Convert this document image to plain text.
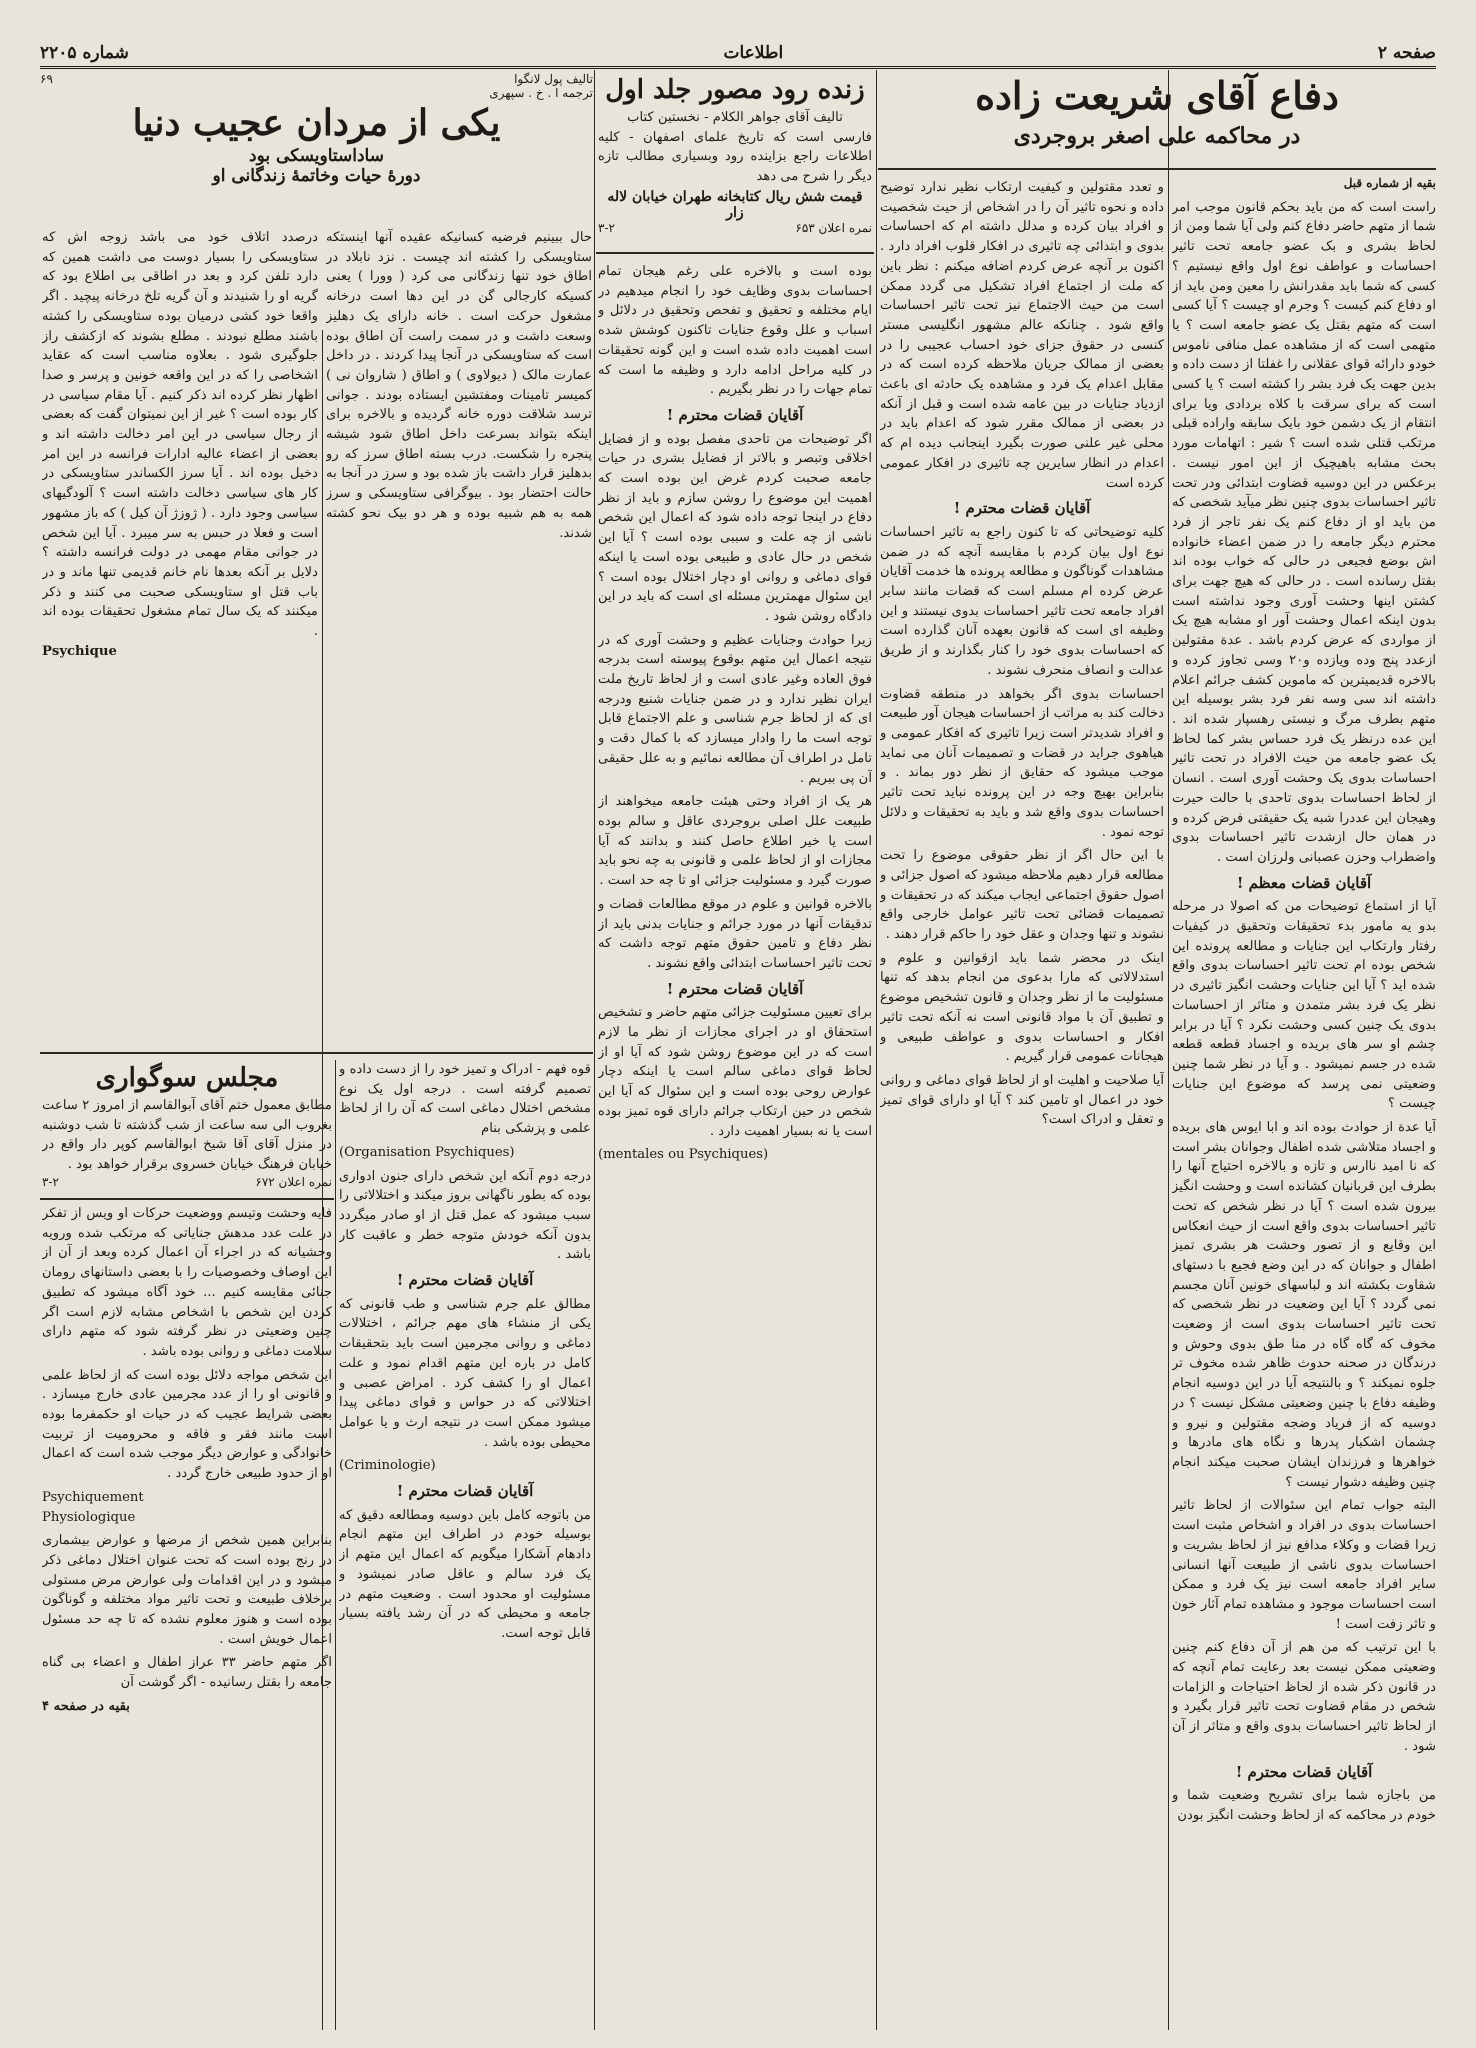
صفحه ۲
اطلاعات
شماره ۲۲۰۵
دفاع آقای شریعت زاده
در محاکمه علی اصغر بروجردی
بقیه از شماره قبل

راست است که من باید بحکم قانون موجب امر شما از متهم حاضر دفاع کنم ولی آیا شما ومن از لحاظ بشری و بک عضو جامعه تحت تاثیر احساسات و عواطف نوع اول واقع نیستیم ؟ کسی که شما باید مقدرانش را معین ومن باید از او دفاع کنم کیست ؟ وجرم او چیست ؟ آیا کسی است که متهم بقتل یک عضو جامعه است ؟ یا متهمی است که از مشاهده عمل منافی ناموس خودو دارائه قوای عقلانی را غفلتا از دست داده و بدین جهت یک فرد بشر را کشته است ؟ یا کسی است که برای سرقت با کلاه بردادی ویا برای انتقام از یک دشمن خود بایک سابقه واراده قبلی مرتکب قتلی شده است ؟ شیر : اتهامات مورد بحث مشابه باهیچیک از این امور نیست . برعکس در این دوسیه قضاوت ابتدائی ودر تحت تاثیر احساسات بدوی چنین نظر میآید شخصی که من باید او از دفاع کنم یک نفر تاجر از فرد محترم دیگر جامعه را در ضمن اعضاء خانواده اش بوضع فجیعی در حالی که خواب بوده اند بقتل رسانده است . در حالی که هیچ جهت برای کشتن اینها وحشت آوری وجود نداشته است بدون اینکه اعمال وحشت آور او مشابه هیچ یک از مواردی که عرض کردم باشد . عدة مقتولین ازعدد پنج وده ویازده و۲۰ وسی تجاوز کرده و بالاخره قدیمیترین که ماموین کشف جرائم اعلام داشته اند سی وسه نفر فرد بشر بوسیله این متهم بطرف مرگ و نیستی رهسپار شده اند . این عده درنظر یک فرد حساس بشر کما لحاظ یک عضو جامعه من حیث الافراد در تحت تاثیر احساسات بدوی یک وحشت آوری است . انسان از لحاظ احساسات بدوی تاحدی با حالت حیرت وهیجان این عددرا شبه یک حقیقتی فرض کرده و در همان حال ازشدت تاثیر احساسات بدوی واضطراب وحزن عصبانی ولرزان است .

آقایان قضات معظم !

آیا از استماع توضیحات من که اصولا در مرحله بدو یه مامور بدء تحقیقات وتحقیق در کیفیات رفتار وارتکاب این جنایات و مطالعه پرونده این شخص بوده ام تحت تاثیر احساسات بدوی واقع شده اید ؟ آیا این جنایات وحشت انگیز تاثیری در نظر یک فرد بشر متمدن و متاثر از احساسات بدوی یک چنین کسی وحشت نکرد ؟ آیا در برابر چشم او سر های بریده و اجساد قطعه قطعه شده در جسم نمیشود . و آیا در نظر شما چنین وضعیتی نمی پرسد که موضوع این جنایات چیست ؟

آیا عدة از حوادث بوده اند و ابا ایوس های بریده و اجساد متلاشی شده اطفال وجوانان بشر است که نا امید ناارس و تازه و بالاخره احتیاج آنها را بطرف این قربانیان کشانده است و وحشت انگیز بیرون شده است ؟ آیا در نظر شخص که تحت تاثیر احساسات بدوی واقع است از حیث انعکاس این وقایع و از تصور وحشت هر بشری تمیز اطفال و جوانان که در این وضع فجیع با دستهای شقاوت بکشته اند و لباسهای خونین آنان مجسم نمی گردد ؟ آیا این وضعیت در نظر شخصی که تحت تاثیر احساسات بدوی است از وضعیت مخوف که گاه گاه در منا طق بدوی وحوش و درندگان در صحنه حدوث ظاهر شده مخوف تر جلوه نمیکند ؟ و بالنتیجه آیا در این دوسیه انجام وظیفه دفاع با چنین وضعیتی مشکل نیست ؟ در دوسیه که از فریاد وضجه مقتولین و نیرو و چشمان اشکبار پدرها و نگاه های مادرها و خواهرها و فرزندان ایشان صحبت میکند انجام چنین وظیفه دشوار نیست ؟

البته جواب تمام این سئوالات از لحاظ تاثیر احساسات بدوی در افراد و اشخاص مثبت است زیرا قضات و وکلاء مدافع نیز از لحاظ بشریت و احساسات بدوی ناشی از طبیعت آنها انسانی سایر افراد جامعه است نیز یک فرد و ممکن است احساسات موجود و مشاهده تمام آثار خون و تاثر زفت است !

با این ترتیب که من هم از آن دفاع کنم چنین وضعیتی ممکن نیست بعد رعایت تمام آنچه که در قانون ذکر شده از لحاظ احتیاجات و الزامات شخص در مقام قضاوت تحت تاثیر قرار بگیرد و از لحاظ تاثیر احساسات بدوی واقع و متاثر از آن شود .

آقایان قضات محترم !

من باجازه شما برای تشریح وضعیت شما و خودم در محاکمه که از لحاظ وحشت انگیز بودن

و تعدد مقتولین و کیفیت ارتکاب نظیر ندارد توضیح داده و نحوه تاثیر آن را در اشخاص از حیث شخصیت و افراد بیان کرده و مدلل داشته ام که احساسات بدوی و ابتدائی چه تاثیری در افکار قلوب افراد دارد . اکنون بر آنچه عرض کردم اضافه میکنم : نظر باین که ملت از اجتماع افراد تشکیل می گردد ممکن است من حیث الاجتماع نیز تحت تاثیر احساسات واقع شود . چنانکه عالم مشهور انگلیسی مستر کنسی در حقوق جزای خود احساب عجیبی را در بعضی از ممالک جریان ملاحظه کرده است که در مقابل اعدام یک فرد و مشاهده یک حادثه ای باعث ازدیاد جنایات در بین عامه شده است و قبل از آنکه در بعضی از ممالک مقرر شود که اعدام باید در محلی غیر علنی صورت بگیرد اینجانب دیده ام که اعدام در انظار سایرین چه تاثیری در افکار عمومی کرده است

آقایان قضات محترم !

کلیه توضیحاتی که تا کنون راجع به تاثیر احساسات نوع اول بیان کردم با مقایسه آنچه که در ضمن مشاهدات گوناگون و مطالعه پرونده ها خدمت آقایان عرض کرده ام مسلم است که قضات مانند سایر افراد جامعه تحت تاثیر احساسات بدوی نیستند و این وظیفه ای است که قانون بعهده آنان گذارده است که احساسات بدوی خود را کنار بگذارند و از طریق عدالت و انصاف منحرف نشوند .

احساسات بدوی اگر بخواهد در منطقه قضاوت دخالت کند به مراتب از احساسات هیجان آور طبیعت و افراد شدیدتر است زیرا تاثیری که افکار عمومی و هیاهوی جراید در قضات و تصمیمات آنان می نماید موجب میشود که حقایق از نظر دور بماند . و بنابراین بهیچ وجه در این پرونده نباید تحت تاثیر احساسات بدوی واقع شد و باید به تحقیقات و دلائل توجه نمود .

با این حال اگر از نظر حقوقی موضوع را تحت مطالعه قرار دهیم ملاحظه میشود که اصول جزائی و اصول حقوق اجتماعی ایجاب میکند که در تحقیقات و تصمیمات قضائی تحت تاثیر عوامل خارجی واقع نشوند و تنها وجدان و عقل خود را حاکم قرار دهند .

اینک در محضر شما باید ازقوانین و علوم و استدلالاتی که مارا بدعوی من انجام بدهد که تنها مسئولیت ما از نظر وجدان و قانون تشخیص موضوع و تطبیق آن با مواد قانونی است نه آنکه تحت تاثیر افکار و احساسات بدوی و عواطف طبیعی و هیجانات عمومی قرار گیریم .

آیا صلاحیت و اهلیت او از لحاظ قوای دماغی و روانی خود در اعمال او تامین کند ؟ آیا او دارای قوای تمیز و تعقل و ادراک است؟

زنده رود مصور جلد اول
تالیف آقای جواهر الکلام - نخستین کتاب
فارسی است که تاریخ علمای اصفهان - کلیه اطلاعات راجع بزاینده رود وبسیاری مطالب تازه دیگر را شرح می دهد
قیمت شش ریال کتابخانه طهران خیابان لاله زار
نمره اعلان ۶۵۳
۳-۲

بوده است و بالاخره علی رغم هیجان تمام احساسات بدوی وظایف خود را انجام میدهیم در ایام مختلفه و تحقیق و تفحص وتحقیق در دلائل و اسباب و علل وقوع جنایات تاکنون کوشش شده است اهمیت داده شده است و این گونه تحقیقات در کلیه مراحل ادامه دارد و وظیفه ما است که تمام جهات را در نظر بگیریم .

آقایان قضات محترم !

اگر توضیحات من تاحدی مفصل بوده و از فضایل اخلاقی وتبصر و بالاتر از فضایل بشری در حیات جامعه صحبت کردم غرض این بوده است که اهمیت این موضوع را روشن سازم و باید از نظر دفاع در اینجا توجه داده شود که اعمال این شخص ناشی از چه علت و سببی بوده است ؟ آیا این شخص در حال عادی و طبیعی بوده است یا اینکه قوای دماغی و روانی او دچار اختلال بوده است ؟ این سئوال مهمترین مسئله ای است که باید در این دادگاه روشن شود .

زیرا حوادث وجنایات عظیم و وحشت آوری که در نتیجه اعمال این متهم بوقوع پیوسته است بدرجه فوق العاده وغیر عادی است و از لحاظ تاریخ ملت ایران نظیر ندارد و در ضمن جنایات شنیع ودرجه ای که از لحاظ جرم شناسی و علم الاجتماع قابل توجه است ما را وادار میسازد که با کمال دقت و تامل در اطراف آن مطالعه نمائیم و به علل حقیقی آن پی ببریم .

هر یک از افراد وحتی هیئت جامعه میخواهند از طبیعت علل اصلی بروجردی عاقل و سالم بوده است یا خیر اطلاع حاصل کنند و بدانند که آیا مجازات او از لحاظ علمی و قانونی به چه نحو باید صورت گیرد و مسئولیت جزائی او تا چه حد است .

بالاخره قوانین و علوم در موقع مطالعات قضات و تدقیقات آنها در مورد جرائم و جنایات بدنی باید از نظر دفاع و تامین حقوق متهم توجه داشت که تحت تاثیر احساسات ابتدائی واقع نشوند .

آقایان قضات محترم !

برای تعیین مسئولیت جزائی متهم حاضر و تشخیص استحقاق او در اجرای مجازات از نظر ما لازم است که در این موضوع روشن شود که آیا او از لحاظ قوای دماغی سالم است یا اینکه دچار عوارض روحی بوده است و این سئوال که آیا این شخص در حین ارتکاب جرائم دارای قوه تمیز بوده است یا نه بسیار اهمیت دارد .

(mentales ou Psychiques)
تالیف پول لانگوا
ترجمه ا . خ . سپهری
۶۹
یکی از مردان عجیب دنیا
ساداستاویسکی بود
دورۀ حیات وخاتمۀ زندگانی او

حال ببینیم فرضیه کسانیکه عقیده آنها اینستکه ستاویسکی را کشته اند چیست . نزد نابلاد در اطاق خود تنها زندگانی می کرد ( وورا ) یعنی کسیکه کارجالی گن در این دها است درخانه مشغول حرکت است . خانه دارای یک دهلیز وسعت داشت و در سمت راست آن اطاق بوده است که ستاویسکی در آنجا پیدا کردند . در داخل عمارت مالک ( دیولاوی ) و اطاق ( شاروان نی ) کمیسر تامینات ومفتشین ایستاده بودند . جوانی ترسد شلاقت دوره خانه گردیده و بالاخره برای اینکه بتواند بسرعت داخل اطاق شود شیشه پنجره را شکست. درب بسته اطاق سرز که رو بدهلیز قرار داشت باز شده بود و سرز در آنجا به حالت احتضار بود . بیوگرافی ستاویسکی و سرز همه به هم شبیه بوده و هر دو بیک نحو کشته شدند.

درصدد اتلاف خود می باشد زوجه اش که ستاویسکی را بسیار دوست می داشت همین که دارد تلفن کرد و بعد در اطاقی بی اطلاع بود که گریه او را شنیدند و آن گریه تلخ درخانه پیچید . اگر واقعا خود کشی درمیان بوده ستاویسکی را کشته باشند مطلع نبودند . مطلع بشوند که ازکشف راز جلوگیری شود . بعلاوه مناسب است که عقاید اشخاصی را که در این واقعه خونین و پرسر و صدا اظهار نظر کرده اند ذکر کنیم . آیا مقام سیاسی در کار بوده است ؟ غیر از این نمیتوان گفت که بعضی از رجال سیاسی در این امر دخالت داشته اند و بعضی از اعضاء عالیه ادارات فرانسه در این امر دخیل بوده اند . آیا سرز الکساندر ستاویسکی در کار های سیاسی دخالت داشته است ؟ آلودگیهای سیاسی وجود دارد . ( ژوزژ آن کیل ) که باز مشهور است و فعلا در حبس به سر میبرد . آیا این شخص در جوانی مقام مهمی در دولت فرانسه داشته ؟ دلایل بر آنکه بعدها نام خانم قدیمی تنها ماند و در باب قتل او ستاویسکی صحبت می کنند و ذکر میکنند که یک سال تمام مشغول تحقیقات بوده اند .

Psychique
مجلس سوگواری
مطابق معمول ختم آقای آبوالقاسم از امروز ۲ ساعت بغروب الی سه ساعت از شب گذشته تا شب دوشنبه در منزل آقای آقا شیخ ابوالقاسم کوپر دار واقع در خیابان فرهنگ خیابان خسروی برقرار خواهد بود .
نمره اعلان ۶۷۲
۳-۲

فایه وحشت وتیسم ووضعیت حرکات او ویس از تفکر در علت عدد مدهش جنایاتی که مرتکب شده ورویه وحشیانه که در اجراء آن اعمال کرده وبعد از آن از این اوصاف وخصوصیات را با بعضی داستانهای رومان جنائی مقایسه کنیم ... خود آگاه میشود که تطبیق کردن این شخص با اشخاص مشابه لازم است اگر چنین وضعیتی در نظر گرفته شود که متهم دارای سلامت دماغی و روانی بوده باشد .

این شخص مواجه دلائل بوده است که از لحاظ علمی و قانونی او را از عدد مجرمین عادی خارج میسازد . بعضی شرایط عجیب که در حیات او حکمفرما بوده است مانند فقر و فاقه و محرومیت از تربیت خانوادگی و عوارض دیگر موجب شده است که اعمال او از حدود طبیعی خارج گردد .

Psychiquement
Physiologique

بنابراین همین شخص از مرضها و عوارض بیشماری در رنج بوده است که تحت عنوان اختلال دماغی ذکر میشود و در این اقدامات ولی عوارض مرض مستولی برخلاف طبیعت و تحت تاثیر مواد مختلفه و گوناگون بوده است و هنوز معلوم نشده که تا چه حد مسئول اعمال خویش است .

اگر متهم حاضر ۳۳ عراز اطفال و اعضاء بی گناه جامعه را بقتل رسانیده - اگر گوشت آن

بقیه در صفحه ۴

قوه فهم - ادراک و تمیز خود را از دست داده و تصمیم گرفته است . درجه اول یک نوع مشخص اختلال دماغی است که آن را از لحاظ علمی و پزشکی بنام

(Organisation Psychiques)

درجه دوم آنکه این شخص دارای جنون ادواری بوده که بطور ناگهانی بروز میکند و اختلالاتی را سبب میشود که عمل قتل از او صادر میگردد بدون آنکه خودش متوجه خطر و عاقبت کار باشد .

آقایان قضات محترم !

مطالق علم جرم شناسی و طب قانونی که یکی از منشاء های مهم جرائم ، اختلالات دماغی و روانی مجرمین است باید بتحقیقات کامل در باره این متهم اقدام نمود و علت اعمال او را کشف کرد . امراض عصبی و اختلالاتی که در حواس و قوای دماغی پیدا میشود ممکن است در نتیجه ارث و یا عوامل محیطی بوده باشد .

(Criminologie)
آقایان قضات محترم !

من باتوجه کامل باین دوسیه ومطالعه دقیق که بوسیله خودم در اطراف این متهم انجام دادهام آشکارا میگویم که اعمال این متهم از یک فرد سالم و عاقل صادر نمیشود و مسئولیت او محدود است . وضعیت متهم در جامعه و محیطی که در آن رشد یافته بسیار قابل توجه است.
